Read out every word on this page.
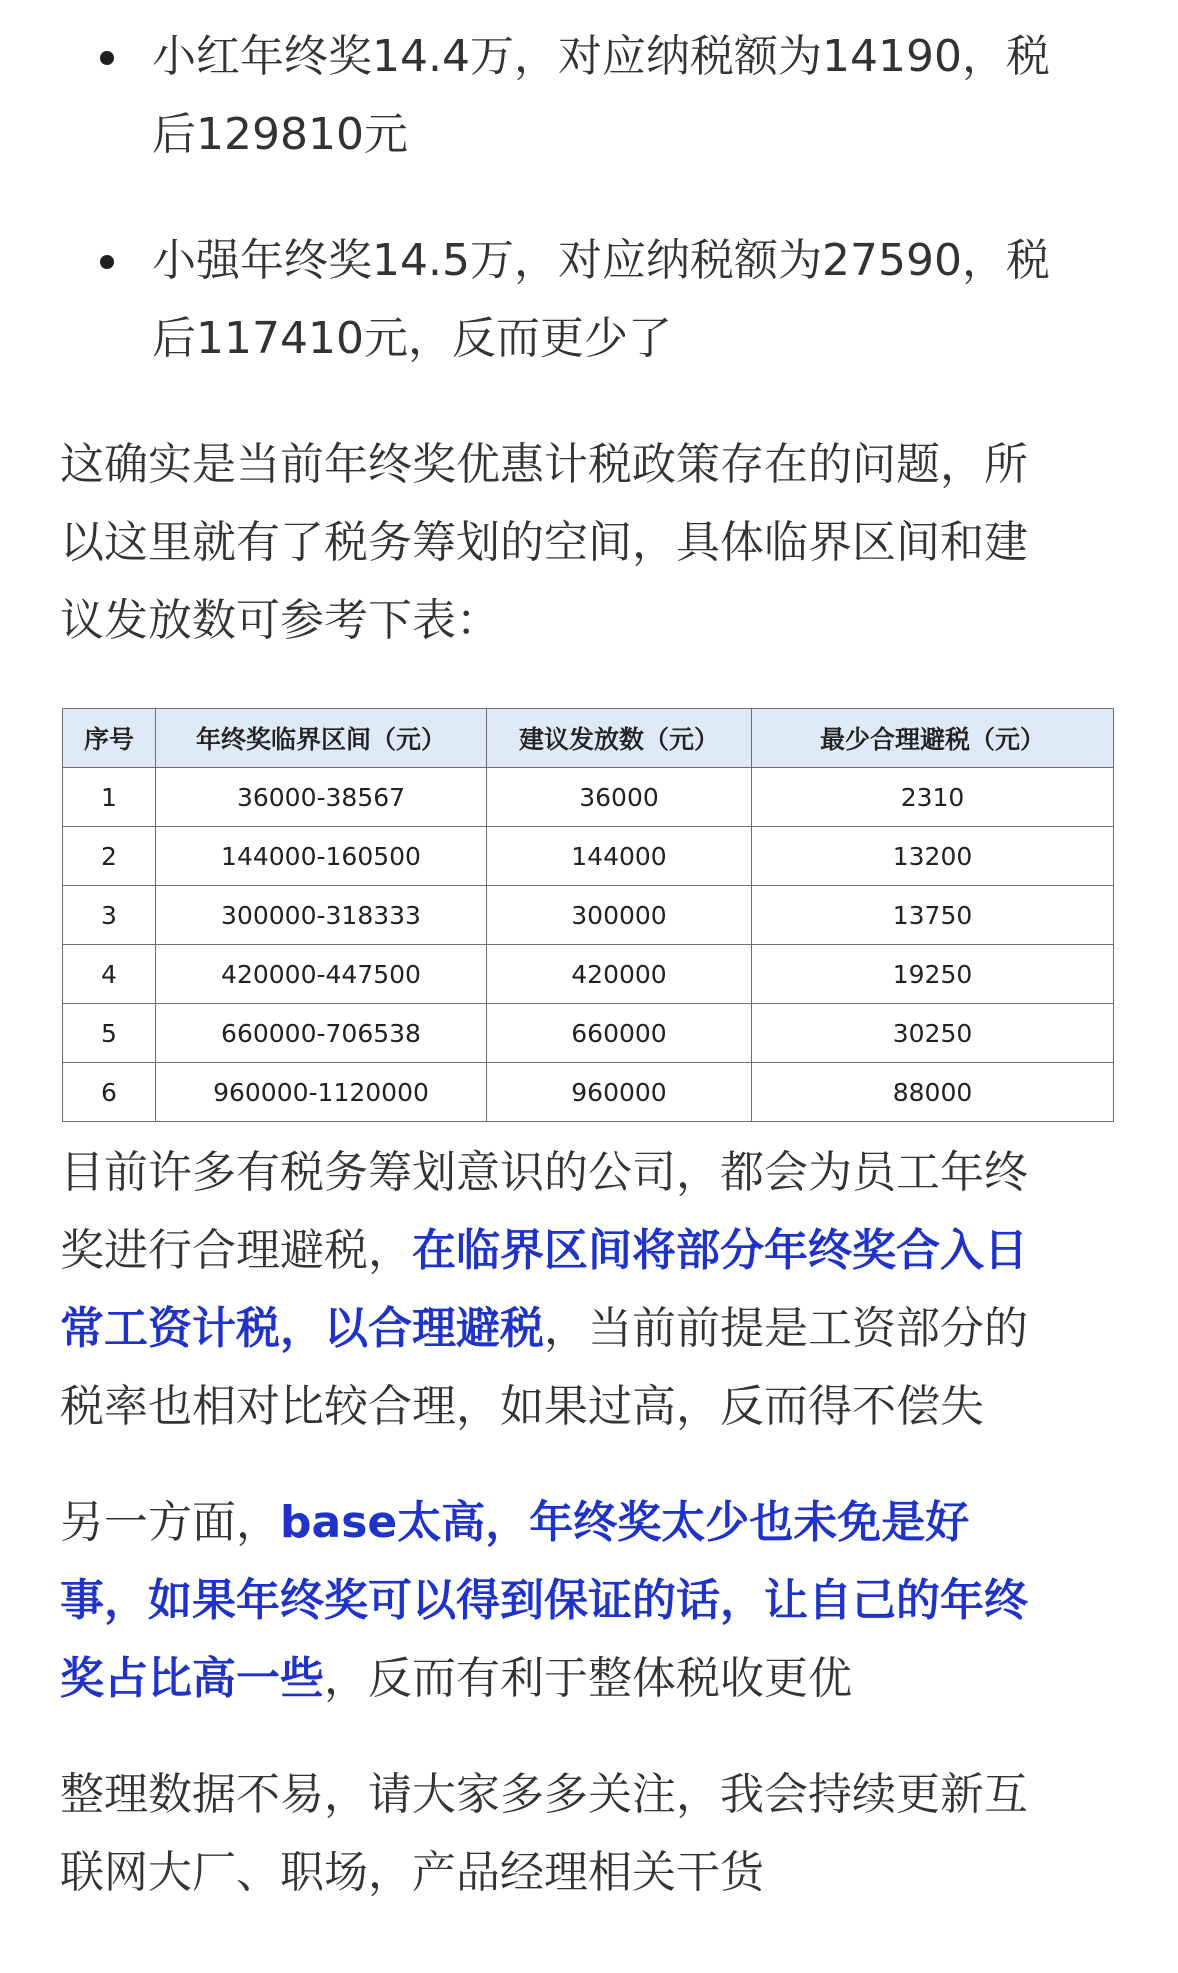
小红年终奖14.4万，对应纳税额为14190，税
后129810元
小强年终奖14.5万，对应纳税额为27590，税
后117410元，反而更少了

这确实是当前年终奖优惠计税政策存在的问题，所
以这里就有了税务筹划的空间，具体临界区间和建
议发放数可参考下表：

序号	年终奖临界区间（元）	建议发放数（元）	最少合理避税（元）
1	36000-38567	36000	2310
2	144000-160500	144000	13200
3	300000-318333	300000	13750
4	420000-447500	420000	19250
5	660000-706538	660000	30250
6	960000-1120000	960000	88000

目前许多有税务筹划意识的公司，都会为员工年终
奖进行合理避税，在临界区间将部分年终奖合入日
常工资计税，以合理避税，当前前提是工资部分的
税率也相对比较合理，如果过高，反而得不偿失

另一方面，base太高，年终奖太少也未免是好
事，如果年终奖可以得到保证的话，让自己的年终
奖占比高一些，反而有利于整体税收更优

整理数据不易，请大家多多关注，我会持续更新互
联网大厂、职场，产品经理相关干货
